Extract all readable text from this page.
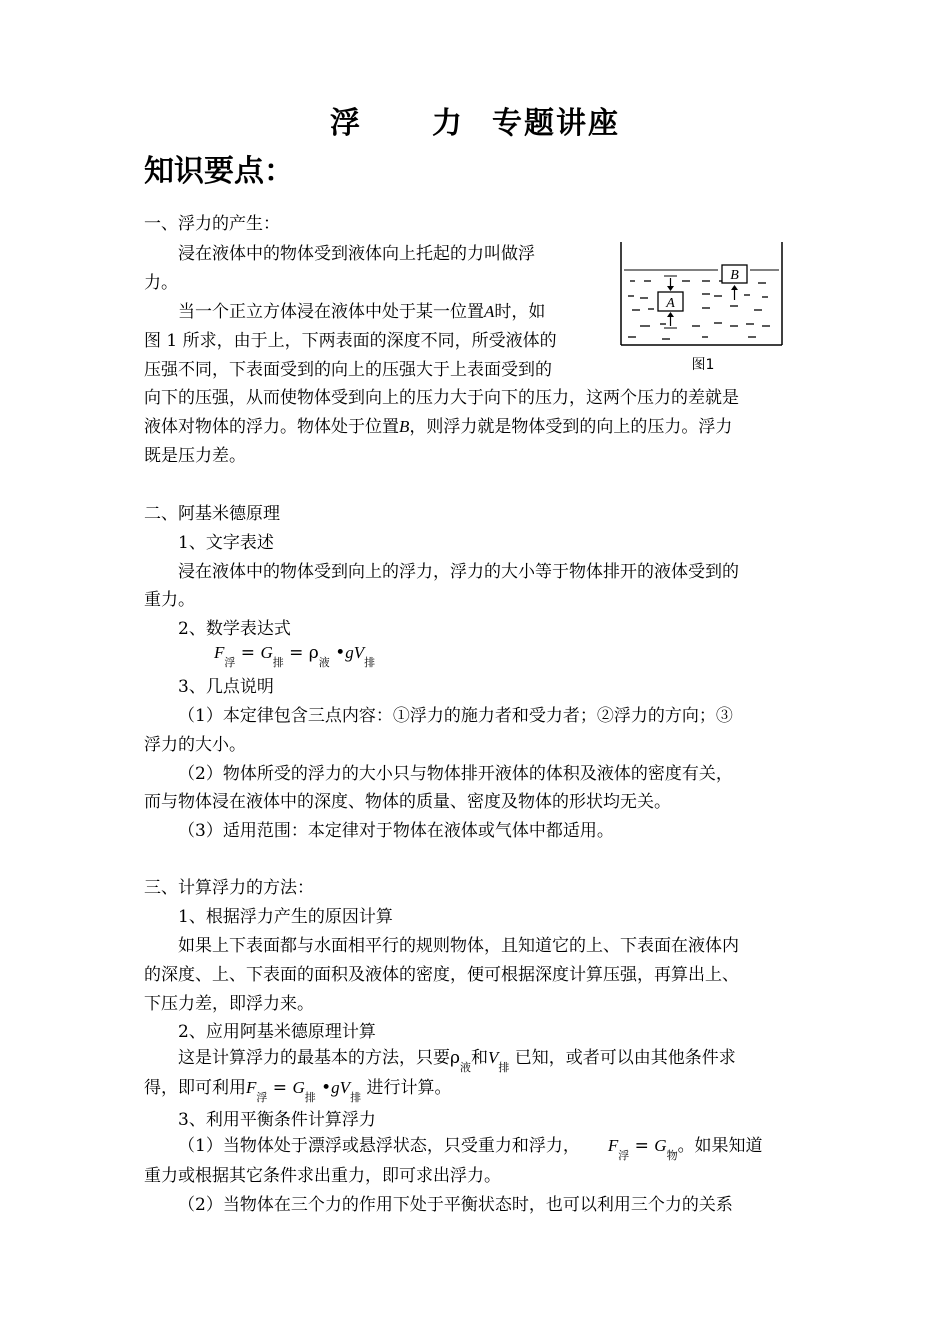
浮 力 专题讲座
知识要点：
一、浮力的产生：
浸在液体中的物体受到液体向上托起的力叫做浮
力。
当一个正立方体浸在液体中处于某一位置A时，如
图 1 所求，由于上，下两表面的深度不同，所受液体的
压强不同，下表面受到的向上的压强大于上表面受到的
向下的压强，从而使物体受到向上的压力大于向下的压力，这两个压力的差就是
液体对物体的浮力。物体处于位置B，则浮力就是物体受到的向上的压力。浮力
既是压力差。
A
B
图1
二、阿基米德原理
1、文字表述
浸在液体中的物体受到向上的浮力，浮力的大小等于物体排开的液体受到的
重力。
2、数学表达式
$F_浮 = G_排 = \rho_液$ $•gV_排$
3、几点说明
（1）本定律包含三点内容：①浮力的施力者和受力者；②浮力的方向；③
浮力的大小。
（2）物体所受的浮力的大小只与物体排开液体的体积及液体的密度有关，
而与物体浸在液体中的深度、物体的质量、密度及物体的形状均无关。
（3）适用范围：本定律对于物体在液体或气体中都适用。
三、计算浮力的方法：
1、根据浮力产生的原因计算
如果上下表面都与水面相平行的规则物体，且知道它的上、下表面在液体内
的深度、上、下表面的面积及液体的密度，便可根据深度计算压强，再算出上、
下压力差，即浮力来。
2、应用阿基米德原理计算
这是计算浮力的最基本的方法，只要$\rho_液$和$V_排$ 已知，或者可以由其他条件求
得，即可利用$F_浮 = G_排$ $•gV_排$ 进行计算。
3、利用平衡条件计算浮力
（1）当物体处于漂浮或悬浮状态，只受重力和浮力， $F_浮 = G_物$。如果知道
重力或根据其它条件求出重力，即可求出浮力。
（2）当物体在三个力的作用下处于平衡状态时，也可以利用三个力的关系
